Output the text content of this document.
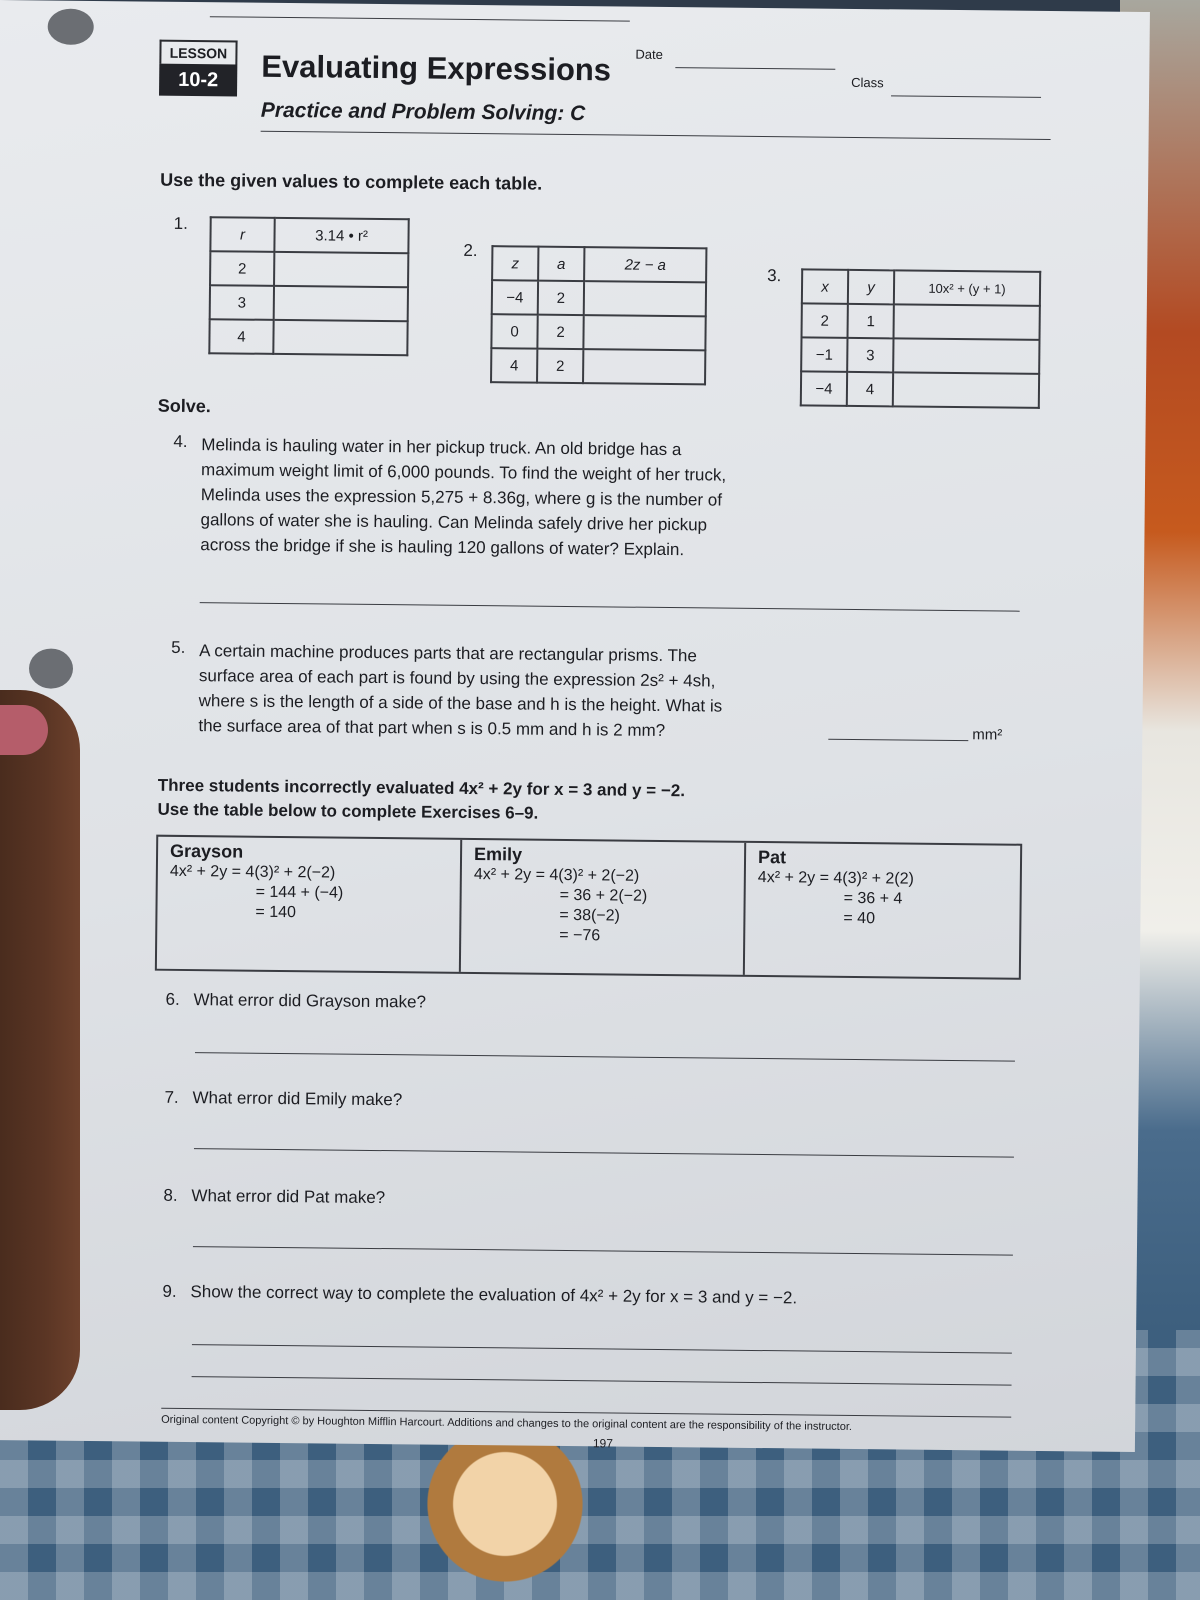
LESSON
10-2	Evaluating Expressions
Practice and Problem Solving: C
Date
Class
Use the given values to complete each table.
1.
r	3.14 • r²
2	
3	
4	
2.
z	a	2z − a
−4	2	
0	2	
4	2	
3.
x	y	10x² + (y + 1)
2	1	
−1	3	
−4	4	
Solve.
4. Melinda is hauling water in her pickup truck. An old bridge has a
maximum weight limit of 6,000 pounds. To find the weight of her truck,
Melinda uses the expression 5,275 + 8.36g, where g is the number of
gallons of water she is hauling. Can Melinda safely drive her pickup
across the bridge if she is hauling 120 gallons of water? Explain.
5. A certain machine produces parts that are rectangular prisms. The
surface area of each part is found by using the expression 2s² + 4sh,
where s is the length of a side of the base and h is the height. What is
the surface area of that part when s is 0.5 mm and h is 2 mm?	mm²
Three students incorrectly evaluated 4x² + 2y for x = 3 and y = −2.
Use the table below to complete Exercises 6–9.
Grayson
4x² + 2y = 4(3)² + 2(−2)
= 144 + (−4)
= 140
Emily
4x² + 2y = 4(3)² + 2(−2)
= 36 + 2(−2)
= 38(−2)
= −76
Pat
4x² + 2y = 4(3)² + 2(2)
= 36 + 4
= 40
6. What error did Grayson make?
7. What error did Emily make?
8. What error did Pat make?
9. Show the correct way to complete the evaluation of 4x² + 2y for x = 3 and y = −2.
Original content Copyright © by Houghton Mifflin Harcourt. Additions and changes to the original content are the responsibility of the instructor.
197
